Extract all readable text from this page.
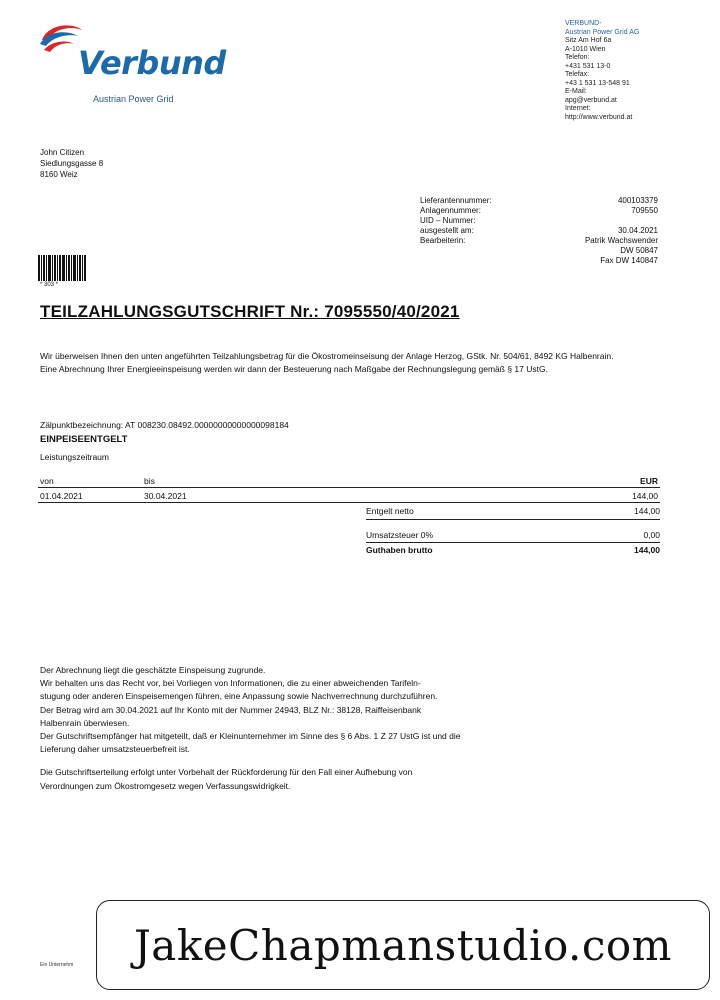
Verbund
Austrian Power Grid
VERBUND-
Austrian Power Grid AG
Sitz Am Hof 6a
A-1010 Wien
Telefon:
+431 531 13-0
Telefax:
+43 1 531 13-548 91
E-Mail:
apg@verbund.at
Internet:
http://www.verbund.at
John Citizen
Siedlungsgasse 8
8160 Weiz
Lieferantennummer:	400103379
Anlagennummer:	709550
UID – Nummer:
ausgestellt am:	30.04.2021
Bearbeiterin:	Patrik Wachswender
DW 50847
Fax DW 140847
* 303 *
TEILZAHLUNGSGUTSCHRIFT Nr.: 7095550/40/2021
Wir überweisen Ihnen den unten angeführten Teilzahlungsbetrag für die Ökostromeinseisung der Anlage Herzog, GStk. Nr. 504/61, 8492 KG Halbenrain. Eine Abrechnung Ihrer Energieeinspeisung werden wir dann der Besteuerung nach Maßgabe der Rechnungslegung gemäß § 17 UstG.
Zälpunktbezeichnung: AT 008230.08492.00000000000000098184
EINPEISEENTGELT
Leistungszeitraum
von	bis	EUR
01.04.2021	30.04.2021	144,00
Entgelt netto	144,00
Umsatzsteuer 0%	0,00
Guthaben brutto	144,00
Der Abrechnung liegt die geschätzte Einspeisung zugrunde.
Wir behalten uns das Recht vor, bei Vorliegen von Informationen, die zu einer abweichenden Tarifeln-
stugung oder anderen Einspeisemengen führen, eine Anpassung sowie Nachverrechnung durchzuführen.
Der Betrag wird am 30.04.2021 auf Ihr Konto mit der Nummer 24943, BLZ Nr.: 38128, Raiffeisenbank
Halbenrain überwiesen.
Der Gutschriftsempfänger hat mitgeteilt, daß er Kleinunternehmer im Sinne des § 6 Abs. 1 Z 27 UstG ist und die
Lieferung daher umsatzsteuerbefreit ist.
Die Gutschriftserteilung erfolgt unter Vorbehalt der Rückforderung für den Fall einer Aufhebung von
Verordnungen zum Ökostromgesetz wegen Verfassungswidrigkeit.
Ein Unternehm	JakeChapmanstudio.com
